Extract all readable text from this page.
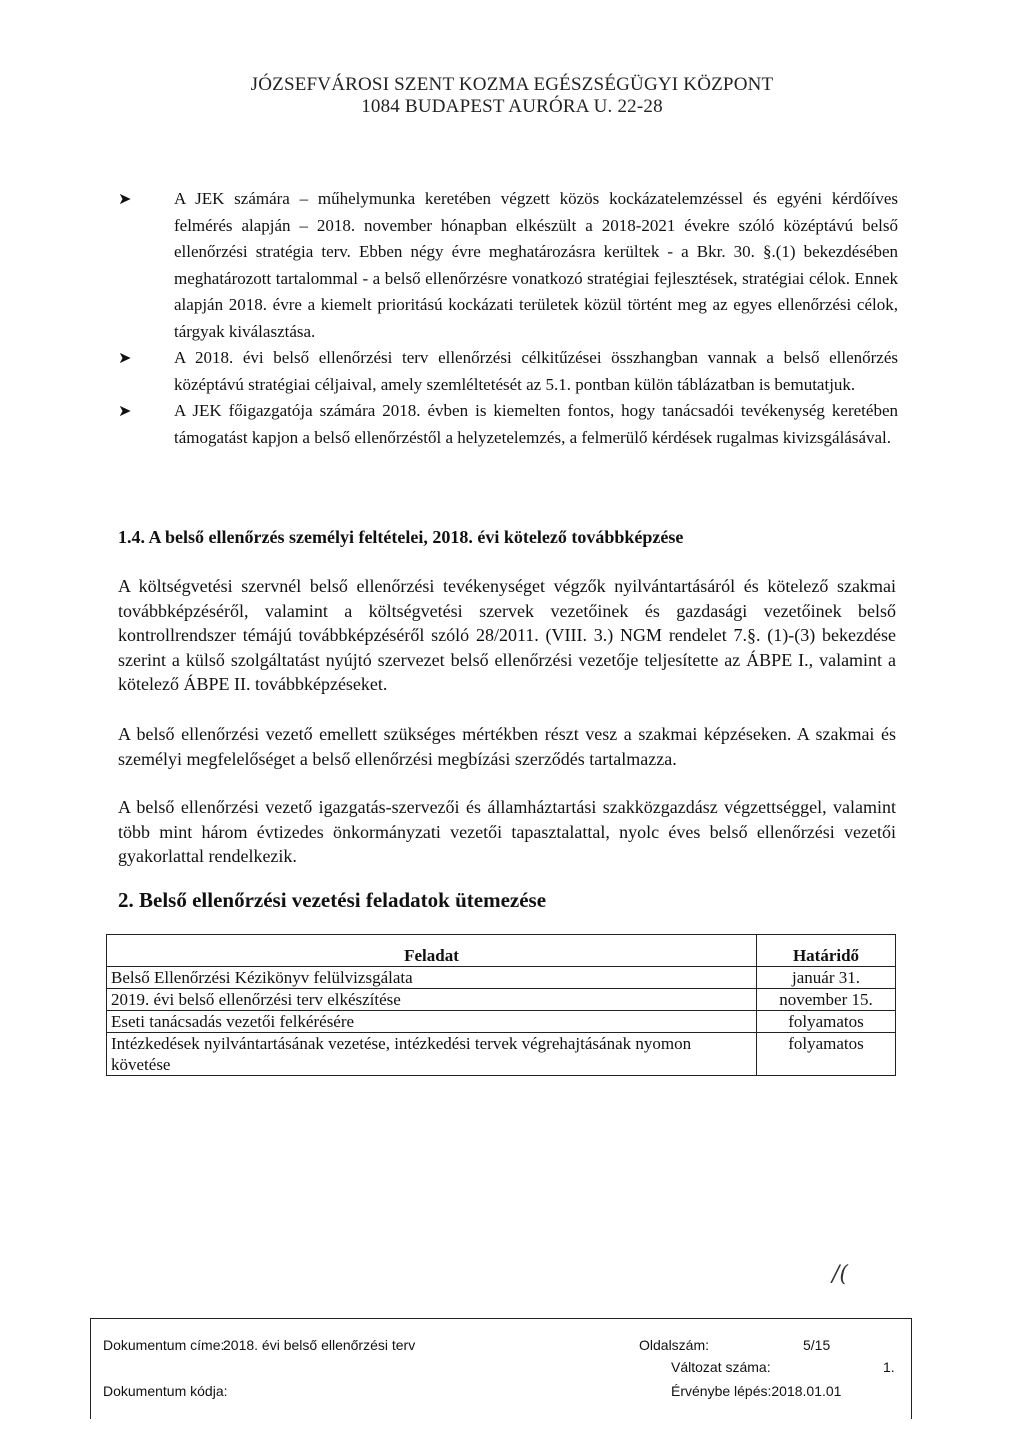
JÓZSEFVÁROSI SZENT KOZMA EGÉSZSÉGÜGYI KÖZPONT
1084 BUDAPEST AURÓRA U. 22-28
➤	A JEK számára – műhelymunka keretében végzett közös kockázatelemzéssel és egyéni kérdőíves felmérés alapján – 2018. november hónapban elkészült a 2018-2021 évekre szóló középtávú belső ellenőrzési stratégia terv. Ebben négy évre meghatározásra kerültek - a Bkr. 30. §.(1) bekezdésében meghatározott tartalommal - a belső ellenőrzésre vonatkozó stratégiai fejlesztések, stratégiai célok. Ennek alapján 2018. évre a kiemelt prioritású kockázati területek közül történt meg az egyes ellenőrzési célok, tárgyak kiválasztása.
➤	A 2018. évi belső ellenőrzési terv ellenőrzési célkitűzései összhangban vannak a belső ellenőrzés középtávú stratégiai céljaival, amely szemléltetését az 5.1. pontban külön táblázatban is bemutatjuk.
➤	A JEK főigazgatója számára 2018. évben is kiemelten fontos, hogy tanácsadói tevékenység keretében támogatást kapjon a belső ellenőrzéstől a helyzetelemzés, a felmerülő kérdések rugalmas kivizsgálásával.
1.4. A belső ellenőrzés személyi feltételei, 2018. évi kötelező továbbképzése

A költségvetési szervnél belső ellenőrzési tevékenységet végzők nyilvántartásáról és kötelező szakmai továbbképzéséről, valamint a költségvetési szervek vezetőinek és gazdasági vezetőinek belső kontrollrendszer témájú továbbképzéséről szóló 28/2011. (VIII. 3.) NGM rendelet 7.§. (1)-(3) bekezdése szerint a külső szolgáltatást nyújtó szervezet belső ellenőrzési vezetője teljesítette az ÁBPE I., valamint a kötelező ÁBPE II. továbbképzéseket.

A belső ellenőrzési vezető emellett szükséges mértékben részt vesz a szakmai képzéseken. A szakmai és személyi megfelelőséget a belső ellenőrzési megbízási szerződés tartalmazza.

A belső ellenőrzési vezető igazgatás-szervezői és államháztartási szakközgazdász végzettséggel, valamint több mint három évtizedes önkormányzati vezetői tapasztalattal, nyolc éves belső ellenőrzési vezetői gyakorlattal rendelkezik.

2. Belső ellenőrzési vezetési feladatok ütemezése
Feladat	Határidő
Belső Ellenőrzési Kézikönyv felülvizsgálata	január 31.
2019. évi belső ellenőrzési terv elkészítése	november 15.
Eseti tanácsadás vezetői felkérésére	folyamatos
Intézkedések nyilvántartásának vezetése, intézkedési tervek végrehajtásának nyomon követése	folyamatos
/(
Dokumentum címe:
2018. évi belső ellenőrzési terv	Oldalszám:	5/15
Változat száma:	1.
Dokumentum kódja:	Érvénybe lépés:2018.01.01
